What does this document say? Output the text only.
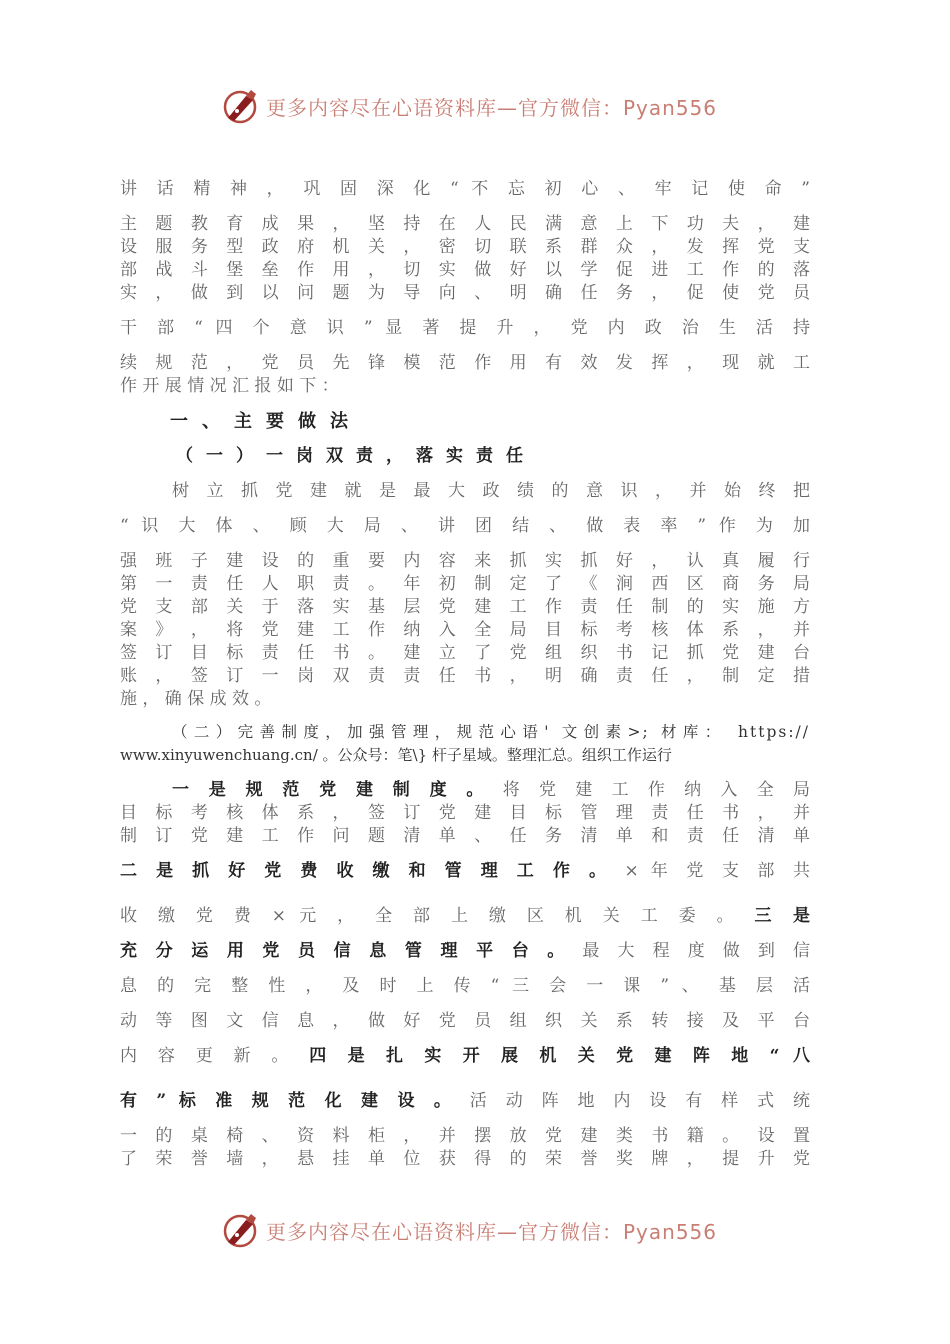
更多内容尽在心语资料库—官方微信：Pyan556
讲 话 精 神 ， 巩 固 深 化 “ 不 忘 初 心 、 牢 记 使 命 ”
主 题 教 育 成 果 ， 坚 持 在 人 民 满 意 上 下 功 夫 ， 建
设 服 务 型 政 府 机 关 ， 密 切 联 系 群 众 ， 发 挥 党 支
部 战 斗 堡 垒 作 用 ， 切 实 做 好 以 学 促 进 工 作 的 落
实 ， 做 到 以 问 题 为 导 向 、 明 确 任 务 ， 促 使 党 员
干 部 “ 四 个 意 识 ” 显 著 提 升 ， 党 内 政 治 生 活 持
续 规 范 ， 党 员 先 锋 模 范 作 用 有 效 发 挥 ， 现 就 工
作 开 展 情 况 汇 报 如 下 ：
一、主要做法
（一）一岗双责，落实责任
树 立 抓 党 建 就 是 最 大 政 绩 的 意 识 ， 并 始 终 把
“ 识 大 体 、 顾 大 局 、 讲 团 结 、 做 表 率 ” 作 为 加
强 班 子 建 设 的 重 要 内 容 来 抓 实 抓 好 ， 认 真 履 行
第 一 责 任 人 职 责 。 年 初 制 定 了 《 涧 西 区 商 务 局
党 支 部 关 于 落 实 基 层 党 建 工 作 责 任 制 的 实 施 方
案 》 ， 将 党 建 工 作 纳 入 全 局 目 标 考 核 体 系 ， 并
签 订 目 标 责 任 书 。 建 立 了 党 组 织 书 记 抓 党 建 台
账 ， 签 订 一 岗 双 责 责 任 书 ， 明 确 责 任 ， 制 定 措
施 ， 确 保 成 效 。
（二）完善制度，加强管理，规范心语' 文创素>; 材库： https://
www.xinyuwenchuang.cn/ 。公众号：笔\} 杆子星域。整理汇总。组织工作运行
一 是 规 范 党 建 制 度 。 将 党 建 工 作 纳 入 全 局
目 标 考 核 体 系 ， 签 订 党 建 目 标 管 理 责 任 书 ， 并
制 订 党 建 工 作 问 题 清 单 、 任 务 清 单 和 责 任 清 单
二 是 抓 好 党 费 收 缴 和 管 理 工 作 。 × 年 党 支 部 共
收 缴 党 费 × 元 ， 全 部 上 缴 区 机 关 工 委 。 三 是
充 分 运 用 党 员 信 息 管 理 平 台 。 最 大 程 度 做 到 信
息 的 完 整 性 ， 及 时 上 传 “ 三 会 一 课 ” 、 基 层 活
动 等 图 文 信 息 ， 做 好 党 员 组 织 关 系 转 接 及 平 台
内 容 更 新 。 四 是 扎 实 开 展 机 关 党 建 阵 地 “ 八
有 ” 标 准 规 范 化 建 设 。 活 动 阵 地 内 设 有 样 式 统
一 的 桌 椅 、 资 料 柜 ， 并 摆 放 党 建 类 书 籍 。 设 置
了 荣 誉 墙 ， 悬 挂 单 位 获 得 的 荣 誉 奖 牌 ， 提 升 党
更多内容尽在心语资料库—官方微信：Pyan556
